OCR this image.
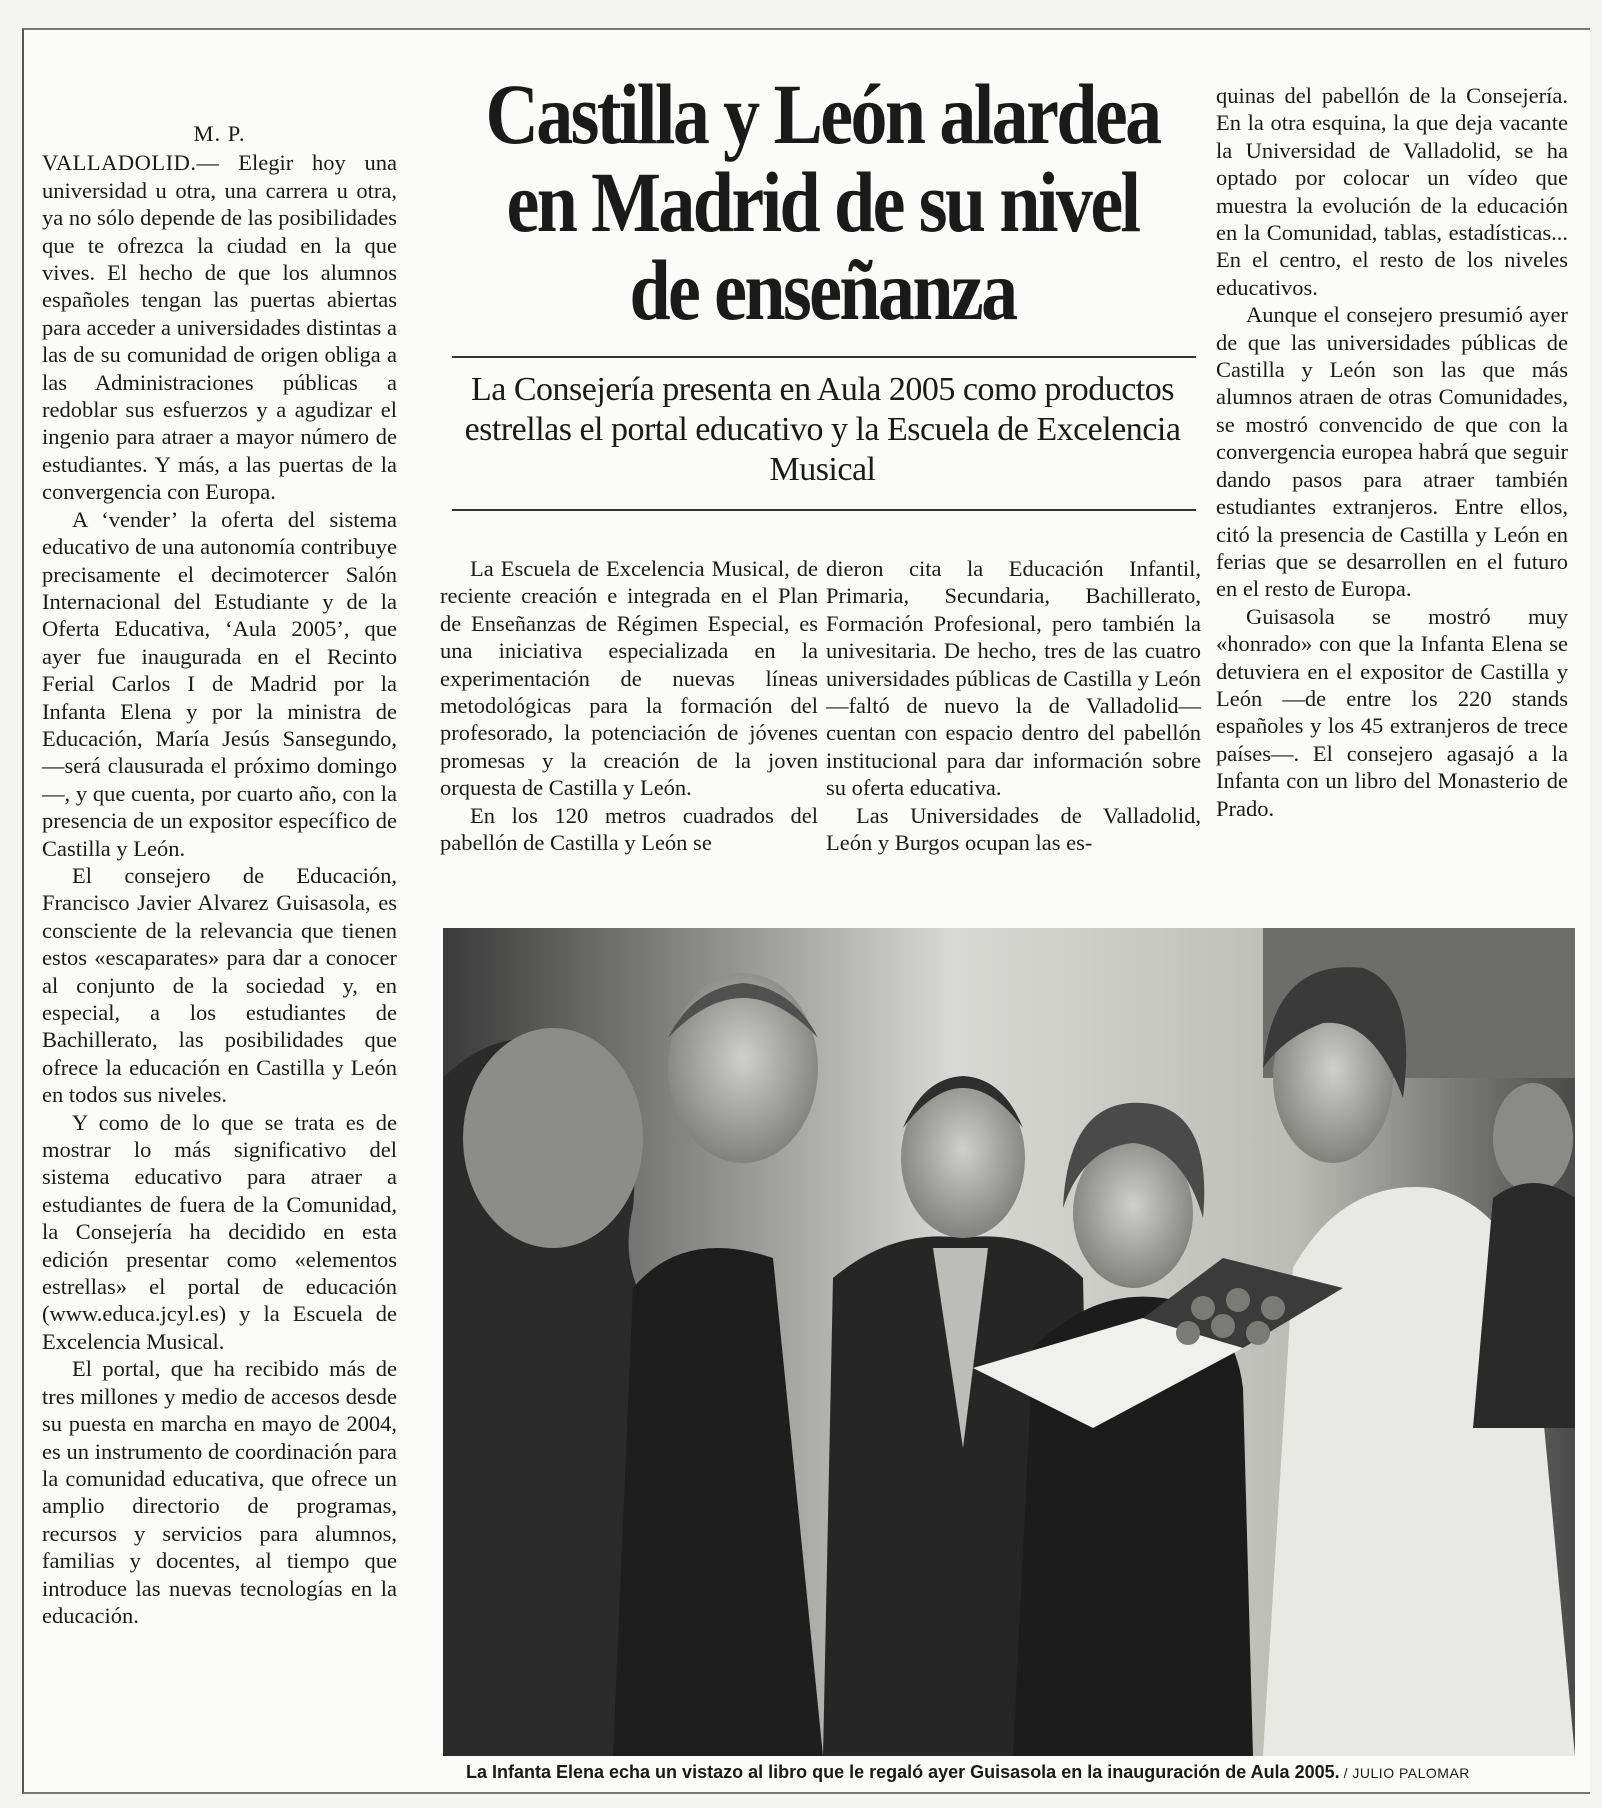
Castilla y León alardea en Madrid de su nivel de enseñanza
La Consejería presenta en Aula 2005 como productos estrellas el portal educativo y la Escuela de Excelencia Musical
M. P.

VALLADOLID.— Elegir hoy una universidad u otra, una carrera u otra, ya no sólo depende de las posibilidades que te ofrezca la ciudad en la que vives. El hecho de que los alumnos españoles tengan las puertas abiertas para acceder a universidades distintas a las de su comunidad de origen obliga a las Administraciones públicas a redoblar sus esfuerzos y a agudizar el ingenio para atraer a mayor número de estudiantes. Y más, a las puertas de la convergencia con Europa.

A ‘vender’ la oferta del sistema educativo de una autonomía contribuye precisamente el decimotercer Salón Internacional del Estudiante y de la Oferta Educativa, ‘Aula 2005’, que ayer fue inaugurada en el Recinto Ferial Carlos I de Madrid por la Infanta Elena y por la ministra de Educación, María Jesús Sansegundo, —será clausurada el próximo domingo—, y que cuenta, por cuarto año, con la presencia de un expositor específico de Castilla y León.

El consejero de Educación, Francisco Javier Alvarez Guisasola, es consciente de la relevancia que tienen estos «escaparates» para dar a conocer al conjunto de la sociedad y, en especial, a los estudiantes de Bachillerato, las posibilidades que ofrece la educación en Castilla y León en todos sus niveles.

Y como de lo que se trata es de mostrar lo más significativo del sistema educativo para atraer a estudiantes de fuera de la Comunidad, la Consejería ha decidido en esta edición presentar como «elementos estrellas» el portal de educación (www.educa.jcyl.es) y la Escuela de Excelencia Musical.

El portal, que ha recibido más de tres millones y medio de accesos desde su puesta en marcha en mayo de 2004, es un instrumento de coordinación para la comunidad educativa, que ofrece un amplio directorio de programas, recursos y servicios para alumnos, familias y docentes, al tiempo que introduce las nuevas tecnologías en la educación.

La Escuela de Excelencia Musical, de reciente creación e integrada en el Plan de Enseñanzas de Régimen Especial, es una iniciativa especializada en la experimentación de nuevas líneas metodológicas para la formación del profesorado, la potenciación de jóvenes promesas y la creación de la joven orquesta de Castilla y León.

En los 120 metros cuadrados del pabellón de Castilla y León se

dieron cita la Educación Infantil, Primaria, Secundaria, Bachillerato, Formación Profesional, pero también la univesitaria. De hecho, tres de las cuatro universidades públicas de Castilla y León —faltó de nuevo la de Valladolid— cuentan con espacio dentro del pabellón institucional para dar información sobre su oferta educativa.

Las Universidades de Valladolid, León y Burgos ocupan las es-

quinas del pabellón de la Consejería. En la otra esquina, la que deja vacante la Universidad de Valladolid, se ha optado por colocar un vídeo que muestra la evolución de la educación en la Comunidad, tablas, estadísticas... En el centro, el resto de los niveles educativos.

Aunque el consejero presumió ayer de que las universidades públicas de Castilla y León son las que más alumnos atraen de otras Comunidades, se mostró convencido de que con la convergencia europea habrá que seguir dando pasos para atraer también estudiantes extranjeros. Entre ellos, citó la presencia de Castilla y León en ferias que se desarrollen en el futuro en el resto de Europa.

Guisasola se mostró muy «honrado» con que la Infanta Elena se detuviera en el expositor de Castilla y León —de entre los 220 stands españoles y los 45 extranjeros de trece países—. El consejero agasajó a la Infanta con un libro del Monasterio de Prado.

La Infanta Elena echa un vistazo al libro que le regaló ayer Guisasola en la inauguración de Aula 2005. / JULIO PALOMAR
